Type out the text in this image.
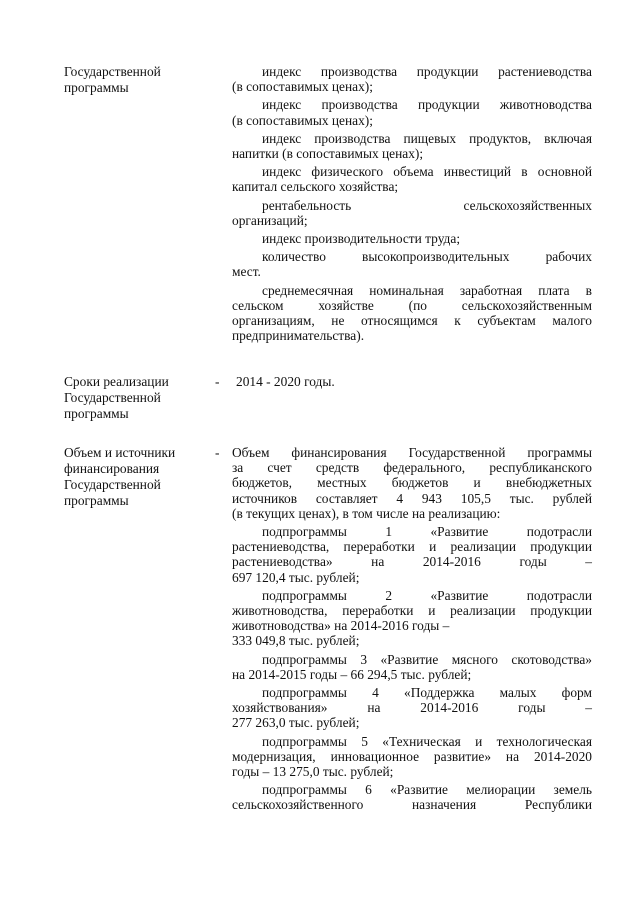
Государственной
программы
индекс производства продукции растениеводства
(в сопоставимых ценах);
индекс производства продукции животноводства
(в сопоставимых ценах);
индекс производства пищевых продуктов, включая
напитки (в сопоставимых ценах);
индекс физического объема инвестиций в основной
капитал сельского хозяйства;
рентабельность сельскохозяйственных
организаций;
индекс производительности труда;
количество высокопроизводительных рабочих
мест.
среднемесячная номинальная заработная плата в
сельском хозяйстве (по сельскохозяйственным
организациям, не относящимся к субъектам малого
предпринимательства).
Сроки реализации
Государственной
программы
- 2014 - 2020 годы.
Объем и источники
финансирования
Государственной
программы
- Объем финансирования Государственной программы
за счет средств федерального, республиканского
бюджетов, местных бюджетов и внебюджетных
источников составляет 4 943 105,5 тыс. рублей
(в текущих ценах), в том числе на реализацию:
подпрограммы 1 «Развитие подотрасли
растениеводства, переработки и реализации продукции
растениеводства» на 2014-2016 годы –
697 120,4 тыс. рублей;
подпрограммы 2 «Развитие подотрасли
животноводства, переработки и реализации продукции
животноводства» на 2014-2016 годы –
333 049,8 тыс. рублей;
подпрограммы 3 «Развитие мясного скотоводства»
на 2014-2015 годы – 66 294,5 тыс. рублей;
подпрограммы 4 «Поддержка малых форм
хозяйствования» на 2014-2016 годы –
277 263,0 тыс. рублей;
подпрограммы 5 «Техническая и технологическая
модернизация, инновационное развитие» на 2014-2020
годы – 13 275,0 тыс. рублей;
подпрограммы 6 «Развитие мелиорации земель
сельскохозяйственного назначения Республики
